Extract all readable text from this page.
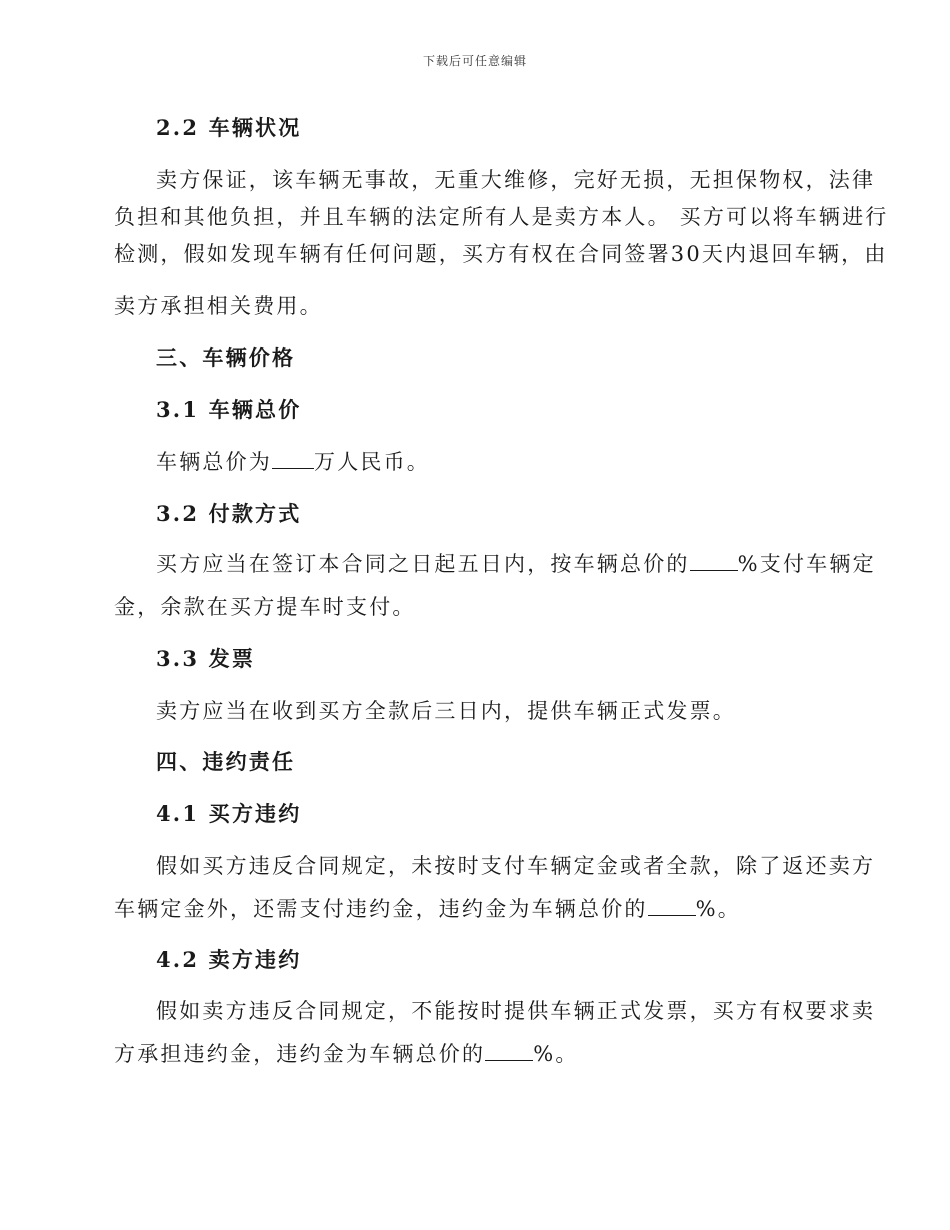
下载后可任意编辑
2.2 车辆状况
卖方保证，该车辆无事故，无重大维修，完好无损，无担保物权，法律
负担和其他负担，并且车辆的法定所有人是卖方本人。 买方可以将车辆进行
检测，假如发现车辆有任何问题，买方有权在合同签署30天内退回车辆，由
卖方承担相关费用。
三、车辆价格
3.1 车辆总价
车辆总价为 万人民币。
3.2 付款方式
买方应当在签订本合同之日起五日内，按车辆总价的 %支付车辆定
金，余款在买方提车时支付。
3.3 发票
卖方应当在收到买方全款后三日内，提供车辆正式发票。
四、违约责任
4.1 买方违约
假如买方违反合同规定，未按时支付车辆定金或者全款，除了返还卖方
车辆定金外，还需支付违约金，违约金为车辆总价的 %。
4.2 卖方违约
假如卖方违反合同规定，不能按时提供车辆正式发票，买方有权要求卖
方承担违约金，违约金为车辆总价的 %。
